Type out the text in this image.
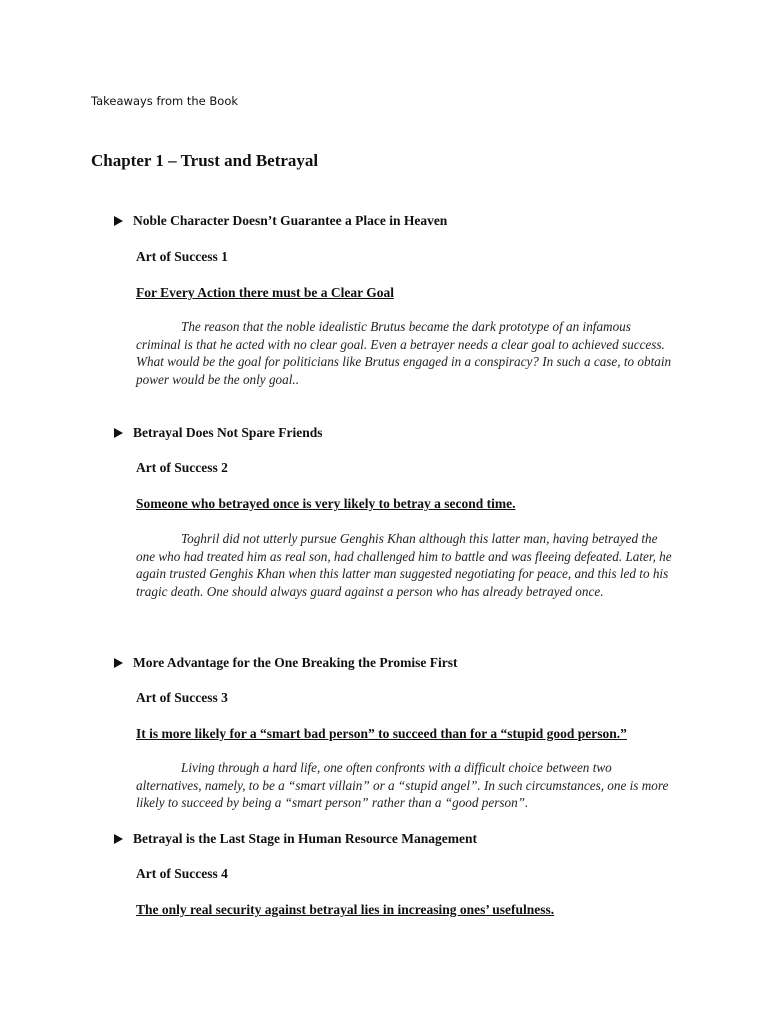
Takeaways from the Book
Chapter 1 – Trust and Betrayal
Noble Character Doesn’t Guarantee a Place in Heaven
Art of Success 1
For Every Action there must be a Clear Goal
The reason that the noble idealistic Brutus became the dark prototype of an infamous criminal is that he acted with no clear goal. Even a betrayer needs a clear goal to achieved success. What would be the goal for politicians like Brutus engaged in a conspiracy? In such a case, to obtain power would be the only goal..
Betrayal Does Not Spare Friends
Art of Success 2
Someone who betrayed once is very likely to betray a second time.
Toghril did not utterly pursue Genghis Khan although this latter man, having betrayed the one who had treated him as real son, had challenged him to battle and was fleeing defeated. Later, he again trusted Genghis Khan when this latter man suggested negotiating for peace, and this led to his tragic death. One should always guard against a person who has already betrayed once.
More Advantage for the One Breaking the Promise First
Art of Success 3
It is more likely for a “smart bad person” to succeed than for a “stupid good person.”
Living through a hard life, one often confronts with a difficult choice between two alternatives, namely, to be a “smart villain” or a “stupid angel”. In such circumstances, one is more likely to succeed by being a “smart person” rather than a “good person”.
Betrayal is the Last Stage in Human Resource Management
Art of Success 4
The only real security against betrayal lies in increasing ones’ usefulness.
